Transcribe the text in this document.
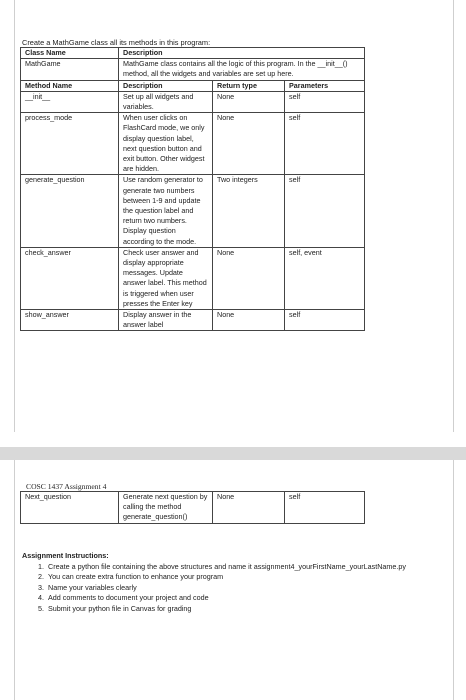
Create a MathGame class all its methods in this program:
Class Name	Description		
MathGame	MathGame class contains all the logic of this program. In the __init__() method, all the widgets and variables are set up here.		
Method Name	Description	Return type	Parameters
__init__	Set up all widgets and variables.	None	self
process_mode	When user clicks on FlashCard mode, we only display question label, next question button and exit button. Other widgest are hidden.	None	self
generate_question	Use random generator to generate two numbers between 1-9 and update the question label and return two numbers. Display question according to the mode.	Two integers	self
check_answer	Check user answer and display appropriate messages. Update answer label. This method is triggered when user presses the Enter key	None	self, event
show_answer	Display answer in the answer label	None	self
COSC 1437 Assignment 4
Next_question	Generate next question by calling the method generate_question()	None	self
Assignment Instructions:
1. Create a python file containing the above structures and name it assignment4_yourFirstName_yourLastName.py
2. You can create extra function to enhance your program
3. Name your variables clearly
4. Add comments to document your project and code
5. Submit your python file in Canvas for grading
